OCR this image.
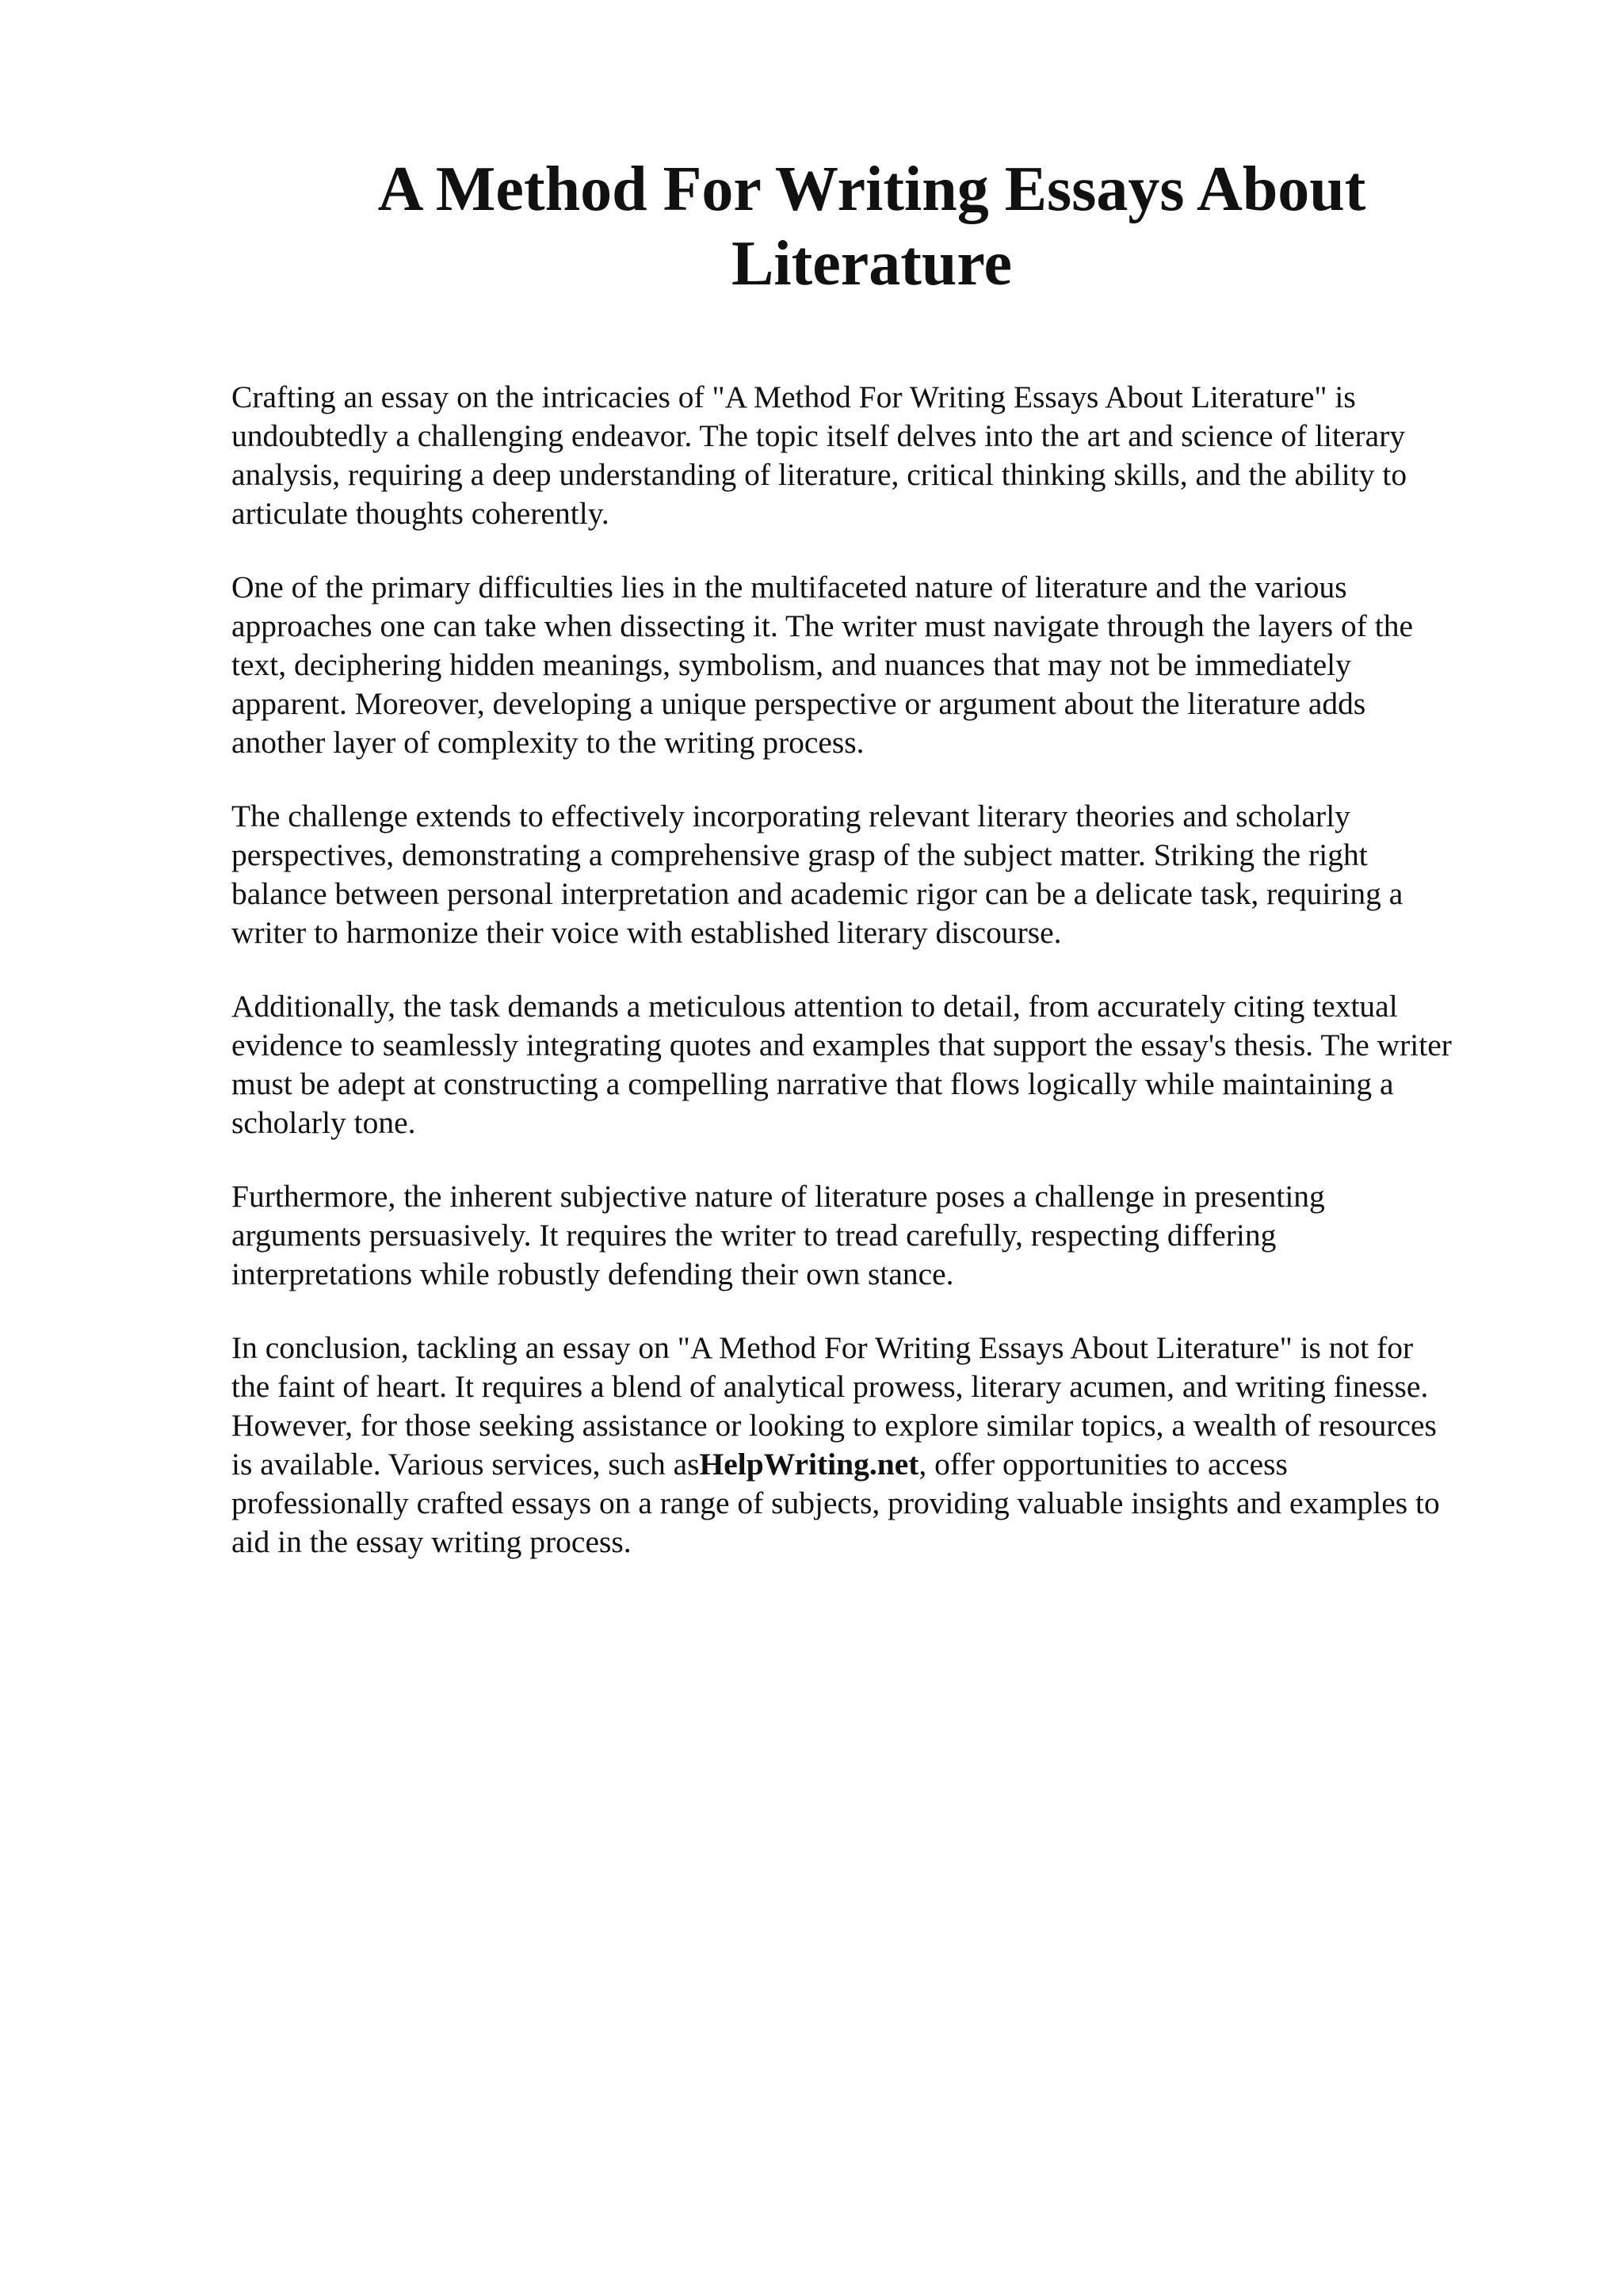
A Method For Writing Essays About
Literature

Crafting an essay on the intricacies of "A Method For Writing Essays About Literature" is
undoubtedly a challenging endeavor. The topic itself delves into the art and science of literary
analysis, requiring a deep understanding of literature, critical thinking skills, and the ability to
articulate thoughts coherently.

One of the primary difficulties lies in the multifaceted nature of literature and the various
approaches one can take when dissecting it. The writer must navigate through the layers of the
text, deciphering hidden meanings, symbolism, and nuances that may not be immediately
apparent. Moreover, developing a unique perspective or argument about the literature adds
another layer of complexity to the writing process.

The challenge extends to effectively incorporating relevant literary theories and scholarly
perspectives, demonstrating a comprehensive grasp of the subject matter. Striking the right
balance between personal interpretation and academic rigor can be a delicate task, requiring a
writer to harmonize their voice with established literary discourse.

Additionally, the task demands a meticulous attention to detail, from accurately citing textual
evidence to seamlessly integrating quotes and examples that support the essay's thesis. The writer
must be adept at constructing a compelling narrative that flows logically while maintaining a
scholarly tone.

Furthermore, the inherent subjective nature of literature poses a challenge in presenting
arguments persuasively. It requires the writer to tread carefully, respecting differing
interpretations while robustly defending their own stance.

In conclusion, tackling an essay on "A Method For Writing Essays About Literature" is not for
the faint of heart. It requires a blend of analytical prowess, literary acumen, and writing finesse.
However, for those seeking assistance or looking to explore similar topics, a wealth of resources
is available. Various services, such asHelpWriting.net, offer opportunities to access
professionally crafted essays on a range of subjects, providing valuable insights and examples to
aid in the essay writing process.
